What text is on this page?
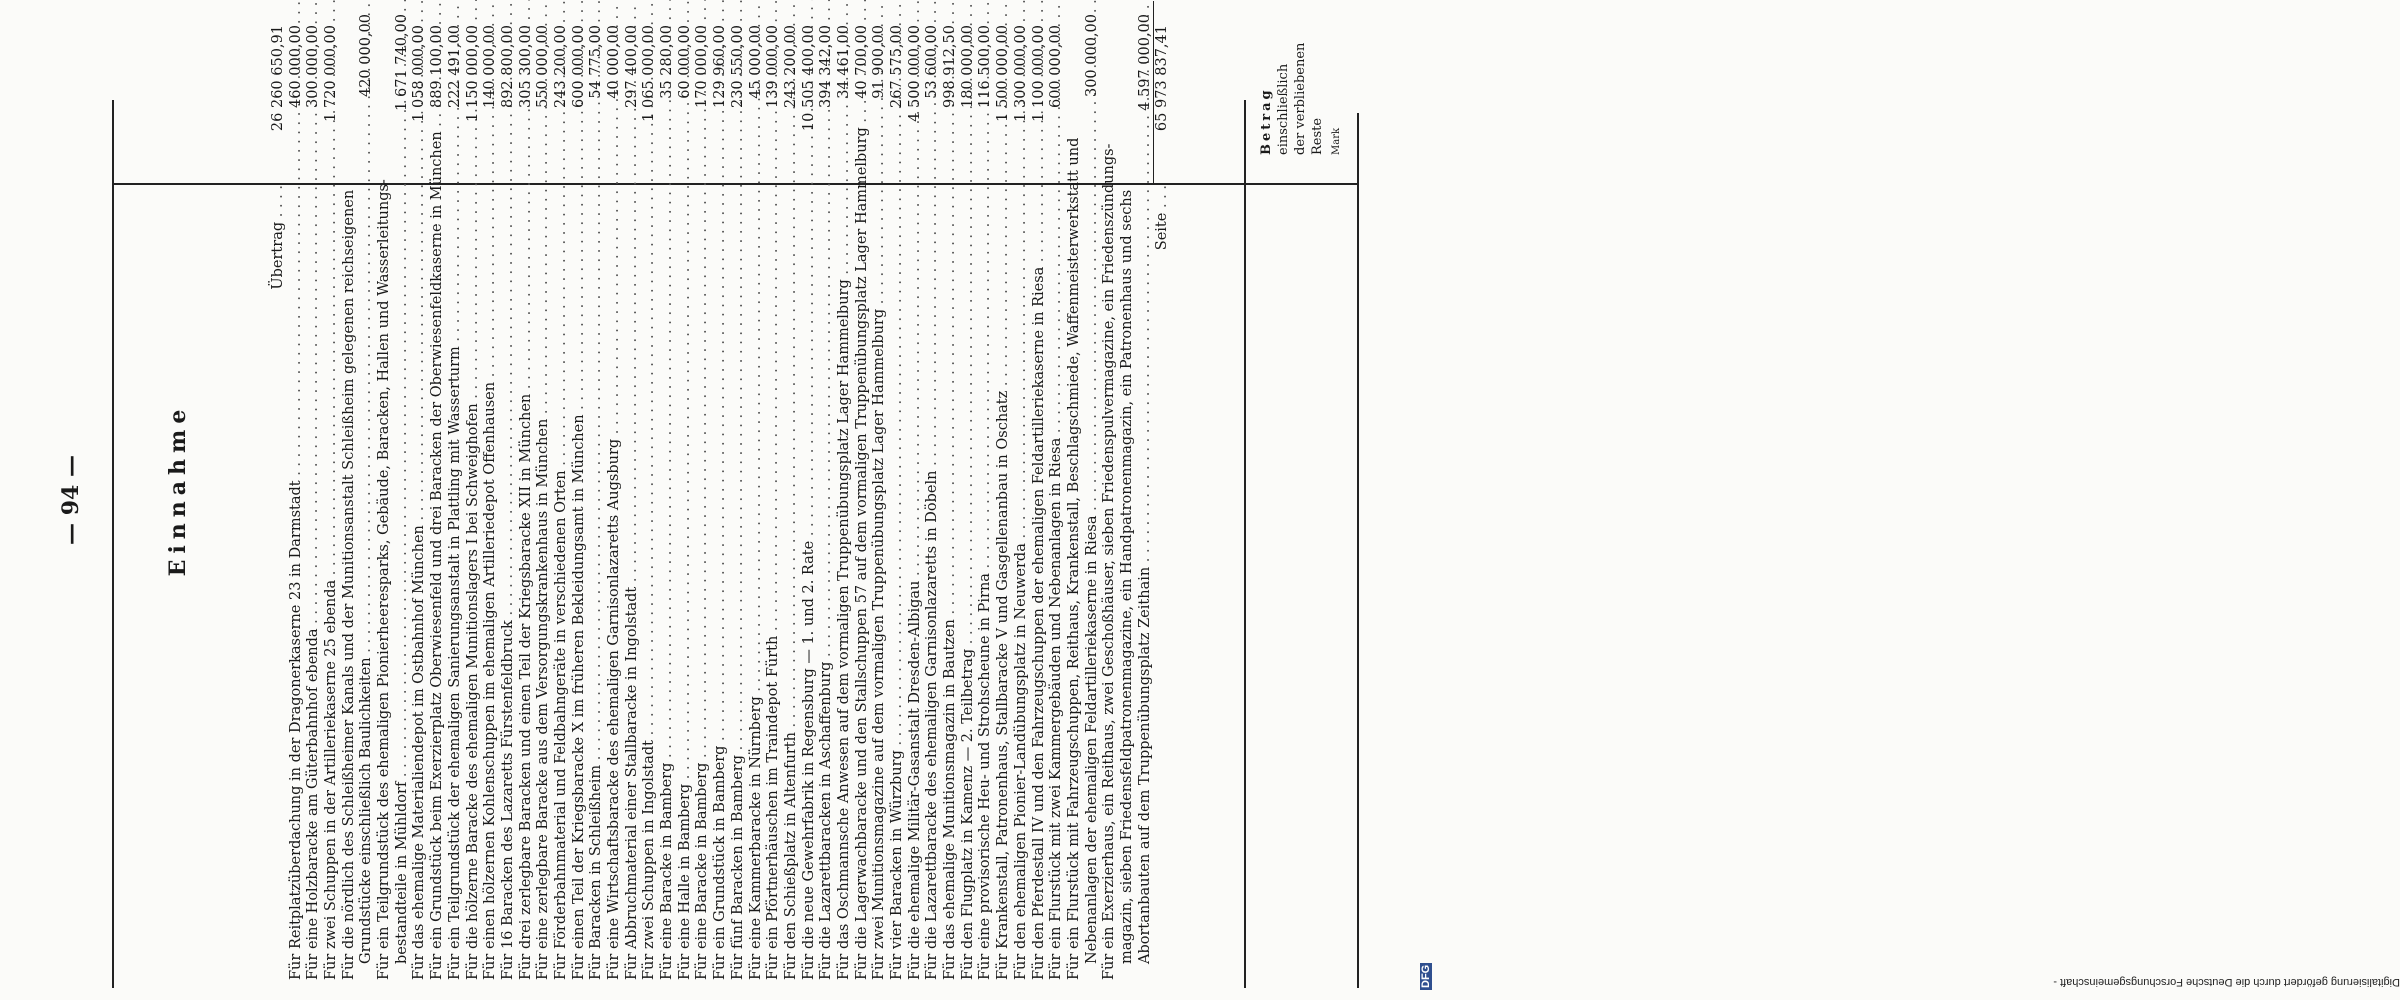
— 94 —	Einnahme
Betrag einschließlich der verbliebenen Reste Mark
Übertrag . . . .
26 260 650,91
Für Reitplatzüberdachung in der Dragonerkaserne 23 in Darmstadt . . .
460 000,00
Für eine Holzbaracke am Güterbahnhof ebenda . . .
300 000,00
Für zwei Schuppen in der Artilleriekaserne 25 ebenda . . .
1 720 000,00
Für die nördlich des Schleißheimer Kanals und der Munitionsanstalt Schleißheim gelegenen reichseigenen Grundstücke einschließlich Baulichkeiten . . .
420 000,00
Für ein Teilgrundstück des ehemaligen Pionierheeresparks, Gebäude, Baracken, Hallen und Wasserleitungs- bestandteile in Mühldorf . . .
1 671 740,00
Für das ehemalige Materialiendepot im Ostbahnhof München . . .
1 058 000,00
Für ein Grundstück beim Exerzierplatz Oberwiesenfeld und drei Baracken der Oberwiesenfeldkaserne in München . . .
889 100,00
Für ein Teilgrundstück der ehemaligen Sanierungsanstalt in Plattling mit Wasserturm . . .
222 491,00
Für die hölzerne Baracke des ehemaligen Munitionslagers I bei Schweighofen . . .
1 150 000,00
Für einen hölzernen Kohlenschuppen im ehemaligen Artilleriedepot Offenhausen . . .
140 000,00
Für 16 Baracken des Lazaretts Fürstenfeldbruck . . .
892 800,00
Für drei zerlegbare Baracken und einen Teil der Kriegsbaracke XII in München . . .
305 300,00
Für eine zerlegbare Baracke aus dem Versorgungskrankenhaus in München . . .
550 000,00
Für Förderbahnmaterial und Feldbahngeräte in verschiedenen Orten . . .
243 200,00
Für einen Teil der Kriegsbaracke X im früheren Bekleidungsamt in München . . .
600 000,00
Für Baracken in Schleißheim . . .
54 775,00
Für eine Wirtschaftsbaracke des ehemaligen Garnisonlazaretts Augsburg . . .
40 000,00
Für Abbruchmaterial einer Stallbaracke in Ingolstadt . . .
297 400,00
Für zwei Schuppen in Ingolstadt . . .
1 065 000,00
Für eine Baracke in Bamberg . . .
35 280,00
Für eine Halle in Bamberg . . .
60 000,00
Für eine Baracke in Bamberg . . .
170 000,00
Für ein Grundstück in Bamberg . . .
129 960,00
Für fünf Baracken in Bamberg . . .
230 550,00
Für eine Kammerbaracke in Nürnberg . . .
45 000,00
Für ein Pförtnerhäuschen im Traindepot Fürth . . .
139 000,00
Für den Schießplatz in Altenfurth . . .
243 200,00
Für die neue Gewehrfabrik in Regensburg — 1. und 2. Rate . . .
10 505 400,00
Für die Lazarettbaracken in Aschaffenburg . . .
394 342,00
Für das Oschmannsche Anwesen auf dem vormaligen Truppenübungsplatz Lager Hammelburg . . .
34 461,00
Für die Lagerwachbaracke und den Stallschuppen 57 auf dem vormaligen Truppenübungsplatz Lager Hammelburg . . .
40 700,00
Für zwei Munitionsmagazine auf dem vormaligen Truppenübungsplatz Lager Hammelburg . . .
91 900,00
Für vier Baracken in Würzburg . . .
267 575,00
Für die ehemalige Militär-Gasanstalt Dresden-Albigau . . .
4 500 000,00
Für die Lazarettbaracke des ehemaligen Garnisonlazaretts in Döbeln . . .
53 600,00
Für das ehemalige Munitionsmagazin in Bautzen . . .
998 912,50
Für den Flugplatz in Kamenz — 2. Teilbetrag . . .
180 000,00
Für eine provisorische Heu- und Strohscheune in Pirna . . .
116 500,00
Für Krankenstall, Patronenhaus, Stallbaracke V und Gasgellenanbau in Oschatz . . .
1 500 000,00
Für den ehemaligen Pionier-Landübungsplatz in Neuwerda . . .
1 300 000,00
Für den Pferdestall IV und den Fahrzeugschuppen der ehemaligen Feldartilleriekaserne in Riesa . . .
1 100 000,00
Für ein Flurstück mit zwei Kammergebäuden und Nebenanlagen in Riesa . . .
600 000,00
Für ein Flurstück mit Fahrzeugschuppen, Reithaus, Krankenstall, Beschlagschmiede, Waffenmeisterwerkstatt und Nebenanlagen der ehemaligen Feldartilleriekaserne in Riesa . . .
300 000,00
Für ein Exerzierhaus, ein Reithaus, zwei Geschoßhäuser, sieben Friedenspulvermagazine, ein Friedenszündungs- magazin, sieben Friedensfeldpatronenmagazine, ein Handpatronenmagazin, ein Patronenhaus und sechs Abortanbauten auf dem Truppenübungsplatz Zeithain . . .
4 597 000,00
Seite . . .
65 973 837,41
Digitalisierung gefördert durch die Deutsche Forschungsgemeinschaft -
DFG
